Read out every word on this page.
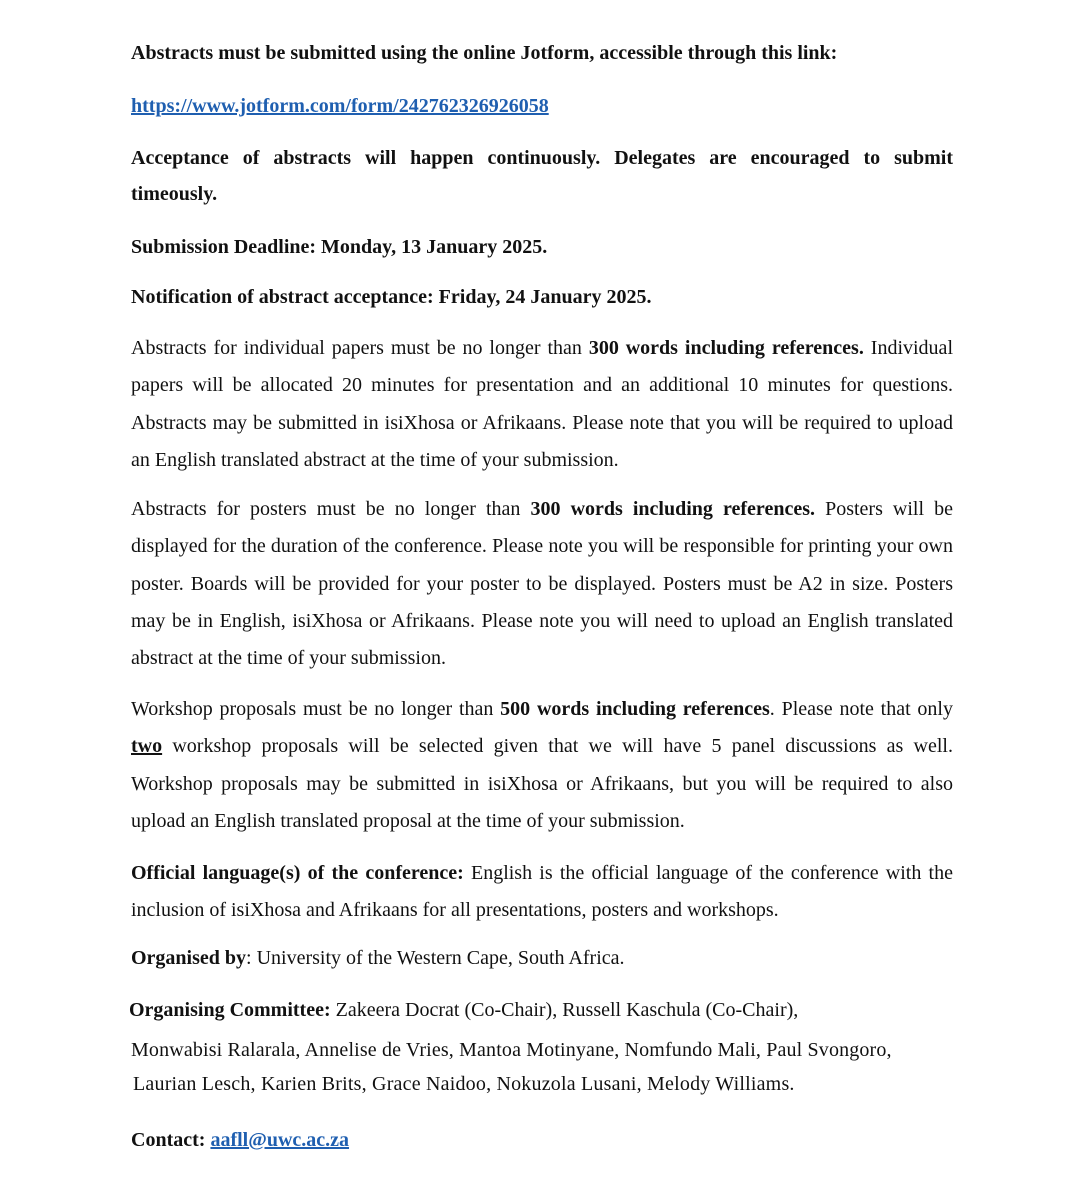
Abstracts must be submitted using the online Jotform, accessible through this link:

https://www.jotform.com/form/242762326926058

Acceptance of abstracts will happen continuously. Delegates are encouraged to submit timeously.

Submission Deadline: Monday, 13 January 2025.

Notification of abstract acceptance: Friday, 24 January 2025.

Abstracts for individual papers must be no longer than 300 words including references. Individual papers will be allocated 20 minutes for presentation and an additional 10 minutes for questions. Abstracts may be submitted in isiXhosa or Afrikaans. Please note that you will be required to upload an English translated abstract at the time of your submission.

Abstracts for posters must be no longer than 300 words including references. Posters will be displayed for the duration of the conference. Please note you will be responsible for printing your own poster. Boards will be provided for your poster to be displayed. Posters must be A2 in size. Posters may be in English, isiXhosa or Afrikaans. Please note you will need to upload an English translated abstract at the time of your submission.

Workshop proposals must be no longer than 500 words including references. Please note that only two workshop proposals will be selected given that we will have 5 panel discussions as well. Workshop proposals may be submitted in isiXhosa or Afrikaans, but you will be required to also upload an English translated proposal at the time of your submission.

Official language(s) of the conference: English is the official language of the conference with the inclusion of isiXhosa and Afrikaans for all presentations, posters and workshops.

Organised by: University of the Western Cape, South Africa.

Organising Committee: Zakeera Docrat (Co-Chair), Russell Kaschula (Co-Chair),

Monwabisi Ralarala, Annelise de Vries, Mantoa Motinyane, Nomfundo Mali, Paul Svongoro,

Laurian Lesch, Karien Brits, Grace Naidoo, Nokuzola Lusani, Melody Williams.

Contact: aafll@uwc.ac.za
